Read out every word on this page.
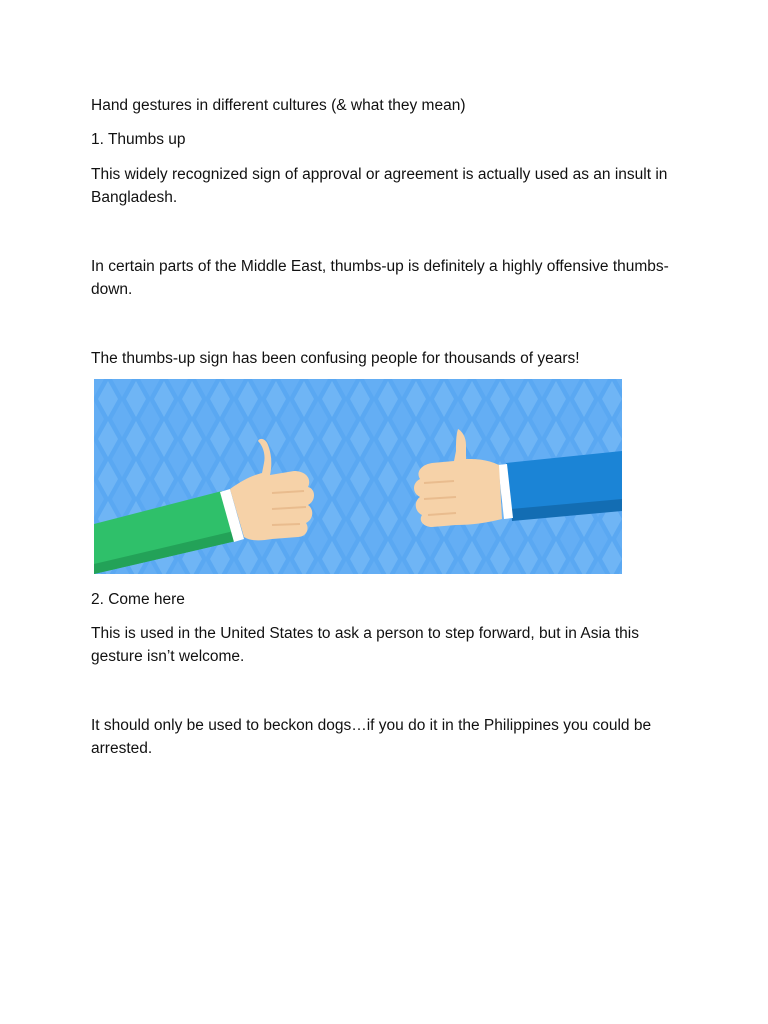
Hand gestures in different cultures (& what they mean)

1. Thumbs up

This widely recognized sign of approval or agreement is actually used as an insult in Bangladesh.

In certain parts of the Middle East, thumbs-up is definitely a highly offensive thumbs-down.

The thumbs-up sign has been confusing people for thousands of years!

2. Come here

This is used in the United States to ask a person to step forward, but in Asia this gesture isn’t welcome.

It should only be used to beckon dogs…if you do it in the Philippines you could be arrested.
